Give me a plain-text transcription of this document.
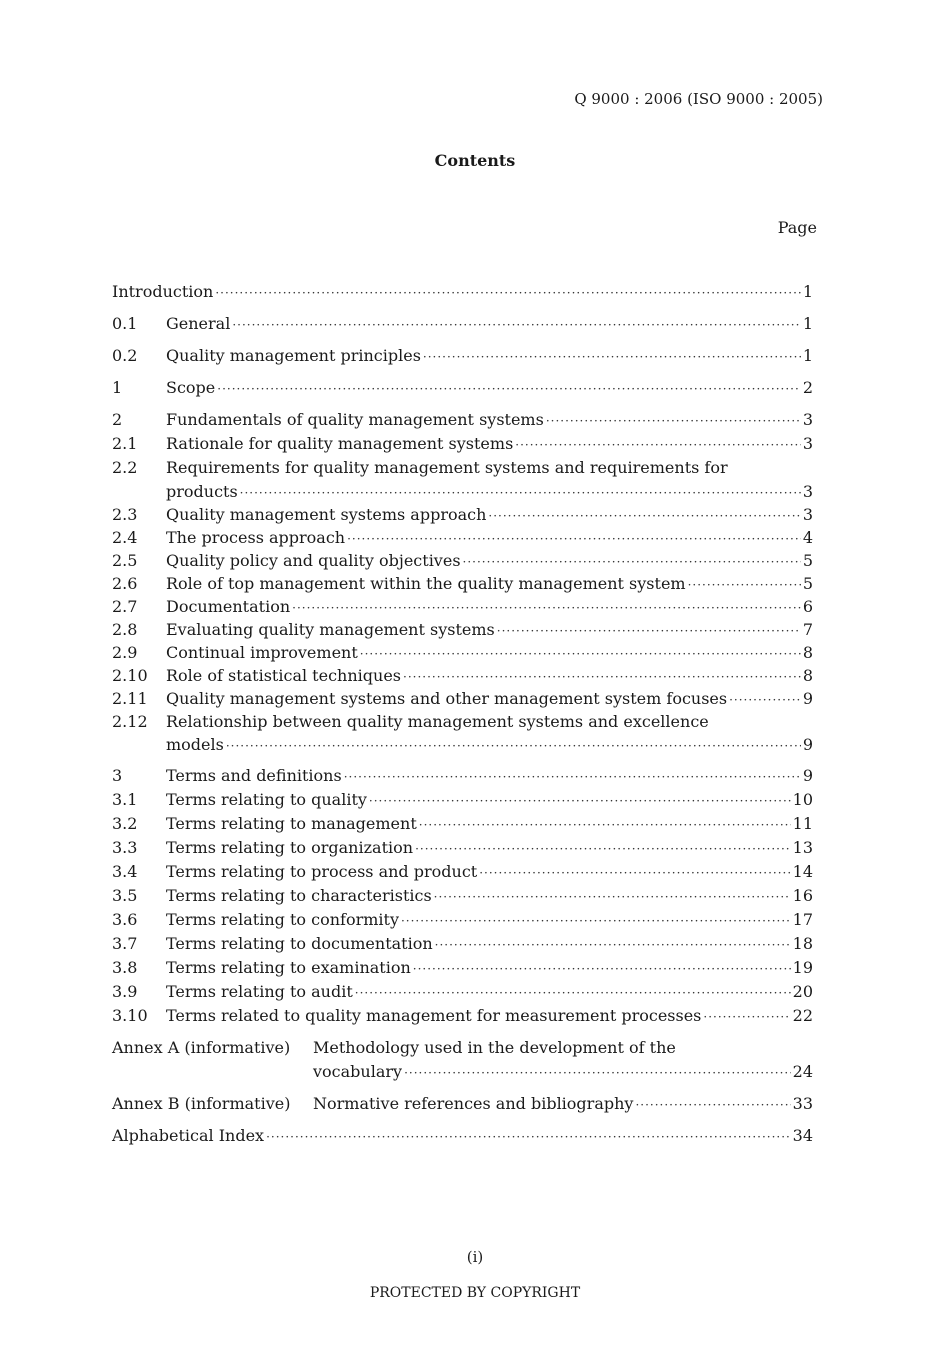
Q 9000 : 2006 (ISO 9000 : 2005)
Contents
Page
Introduction ·····	1
0.1	General ·····	1
0.2	Quality management principles ·····	1
1	Scope ·····	2
2	Fundamentals of quality management systems ·····	3
2.1	Rationale for quality management systems ·····	3
2.2	Requirements for quality management systems and requirements for
products ·····	3
2.3	Quality management systems approach ·····	3
2.4	The process approach ·····	4
2.5	Quality policy and quality objectives ·····	5
2.6	Role of top management within the quality management system ·····	5
2.7	Documentation ·····	6
2.8	Evaluating quality management systems ·····	7
2.9	Continual improvement ·····	8
2.10	Role of statistical techniques ·····	8
2.11	Quality management systems and other management system focuses ·····	9
2.12	Relationship between quality management systems and excellence
models ·····	9
3	Terms and definitions ·····	9
3.1	Terms relating to quality ·····	10
3.2	Terms relating to management ·····	11
3.3	Terms relating to organization ·····	13
3.4	Terms relating to process and product ·····	14
3.5	Terms relating to characteristics ·····	16
3.6	Terms relating to conformity ·····	17
3.7	Terms relating to documentation ·····	18
3.8	Terms relating to examination ·····	19
3.9	Terms relating to audit ·····	20
3.10	Terms related to quality management for measurement processes ·····	22
Annex A (informative)	Methodology used in the development of the
vocabulary ·····	24
Annex B (informative)	Normative references and bibliography ·····	33
Alphabetical Index ·····	34
(i)
PROTECTED BY COPYRIGHT
